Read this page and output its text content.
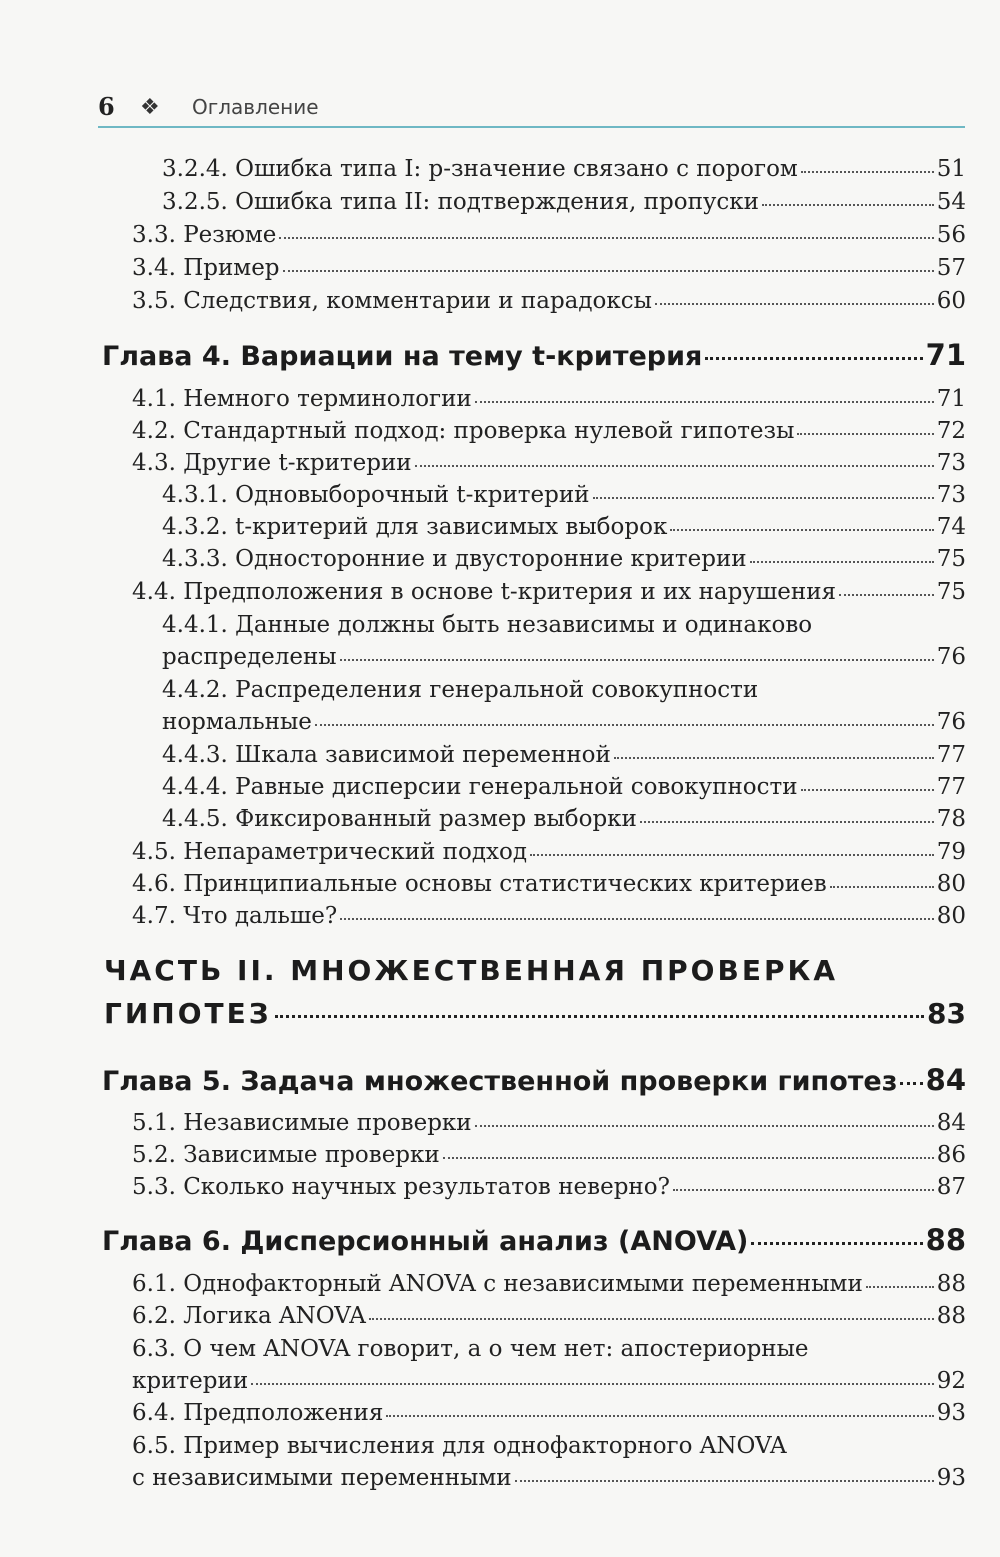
6 ❖ Оглавление
3.2.4. Ошибка типа I: p-значение связано с порогом	51
3.2.5. Ошибка типа II: подтверждения, пропуски	54
3.3. Резюме	56
3.4. Пример	57
3.5. Следствия, комментарии и парадоксы	60
Глава 4. Вариации на тему t-критерия	71
4.1. Немного терминологии	71
4.2. Стандартный подход: проверка нулевой гипотезы	72
4.3. Другие t-критерии	73
4.3.1. Одновыборочный t-критерий	73
4.3.2. t-критерий для зависимых выборок	74
4.3.3. Односторонние и двусторонние критерии	75
4.4. Предположения в основе t-критерия и их нарушения	75
4.4.1. Данные должны быть независимы и одинаково
распределены	76
4.4.2. Распределения генеральной совокупности
нормальные	76
4.4.3. Шкала зависимой переменной	77
4.4.4. Равные дисперсии генеральной совокупности	77
4.4.5. Фиксированный размер выборки	78
4.5. Непараметрический подход	79
4.6. Принципиальные основы статистических критериев	80
4.7. Что дальше?	80
ЧАСТЬ II. МНОЖЕСТВЕННАЯ ПРОВЕРКА
ГИПОТЕЗ	83
Глава 5. Задача множественной проверки гипотез 84
5.1. Независимые проверки	84
5.2. Зависимые проверки	86
5.3. Сколько научных результатов неверно?	87
Глава 6. Дисперсионный анализ (ANOVA)	88
6.1. Однофакторный ANOVA с независимыми переменными	88
6.2. Логика ANOVA	88
6.3. О чем ANOVA говорит, а о чем нет: апостериорные
критерии	92
6.4. Предположения	93
6.5. Пример вычисления для однофакторного ANOVA
с независимыми переменными	93
